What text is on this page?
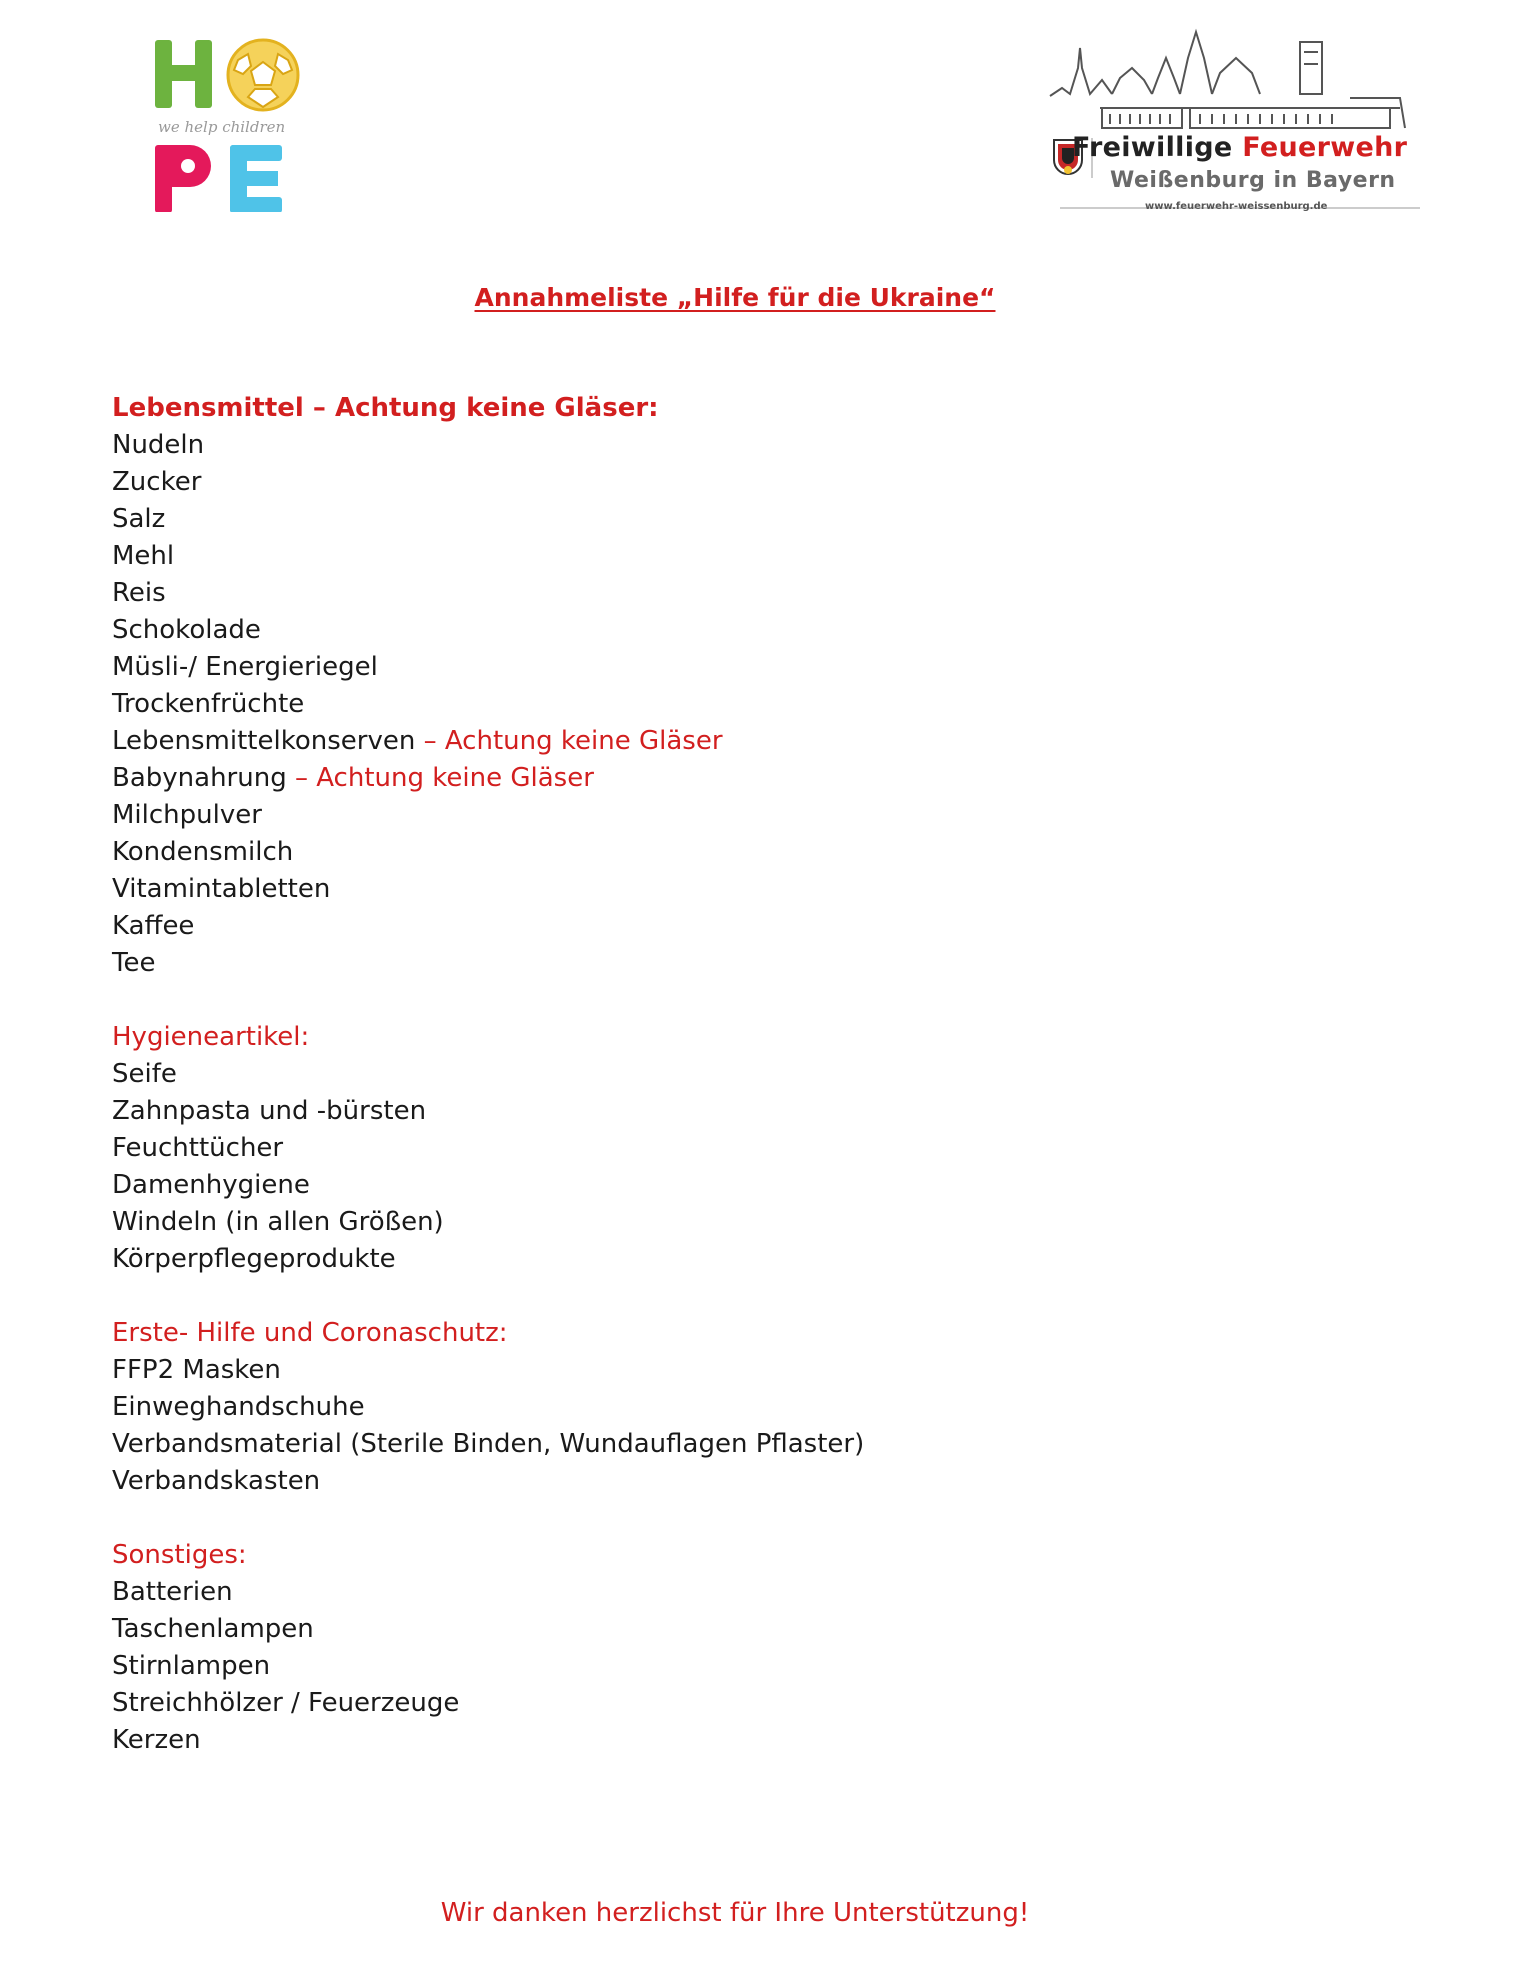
we help children
Freiwillige Feuerwehr
Weißenburg in Bayern
www.feuerwehr-weissenburg.de
Annahmeliste „Hilfe für die Ukraine“
Lebensmittel – Achtung keine Gläser:
Nudeln
Zucker
Salz
Mehl
Reis
Schokolade
Müsli-/ Energieriegel
Trockenfrüchte
Lebensmittelkonserven – Achtung keine Gläser
Babynahrung – Achtung keine Gläser
Milchpulver
Kondensmilch
Vitamintabletten
Kaffee
Tee
Hygieneartikel:
Seife
Zahnpasta und -bürsten
Feuchttücher
Damenhygiene
Windeln (in allen Größen)
Körperpflegeprodukte
Erste- Hilfe und Coronaschutz:
FFP2 Masken
Einweghandschuhe
Verbandsmaterial (Sterile Binden, Wundauflagen Pflaster)
Verbandskasten
Sonstiges:
Batterien
Taschenlampen
Stirnlampen
Streichhölzer / Feuerzeuge
Kerzen
Wir danken herzlichst für Ihre Unterstützung!
